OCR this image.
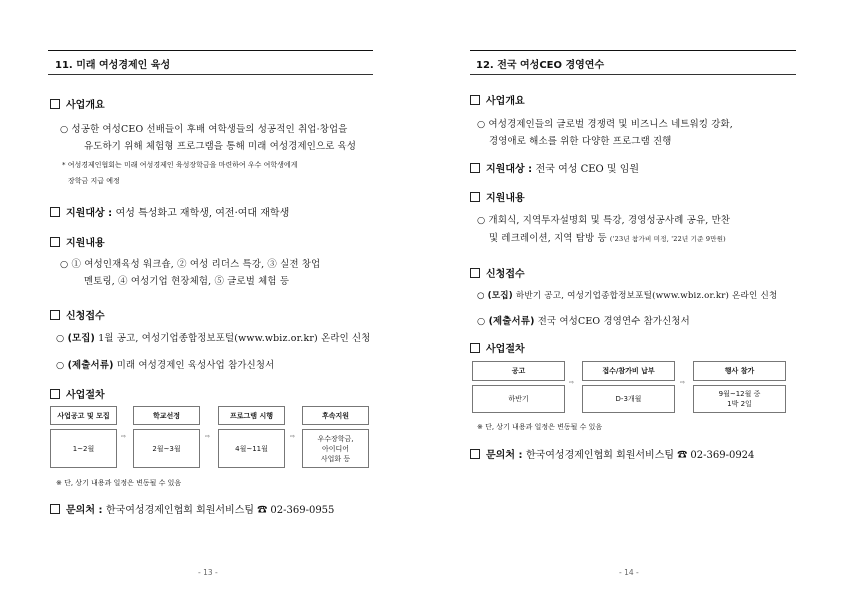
11. 미래 여성경제인 육성
사업개요
○ 성공한 여성CEO 선배들이 후배 여학생들의 성공적인 취업·창업을
유도하기 위해 체험형 프로그램을 통해 미래 여성경제인으로 육성
* 여성경제인협회는 미래 여성경제인 육성장학금을 마련하여 우수 여학생에게
장학금 지급 예정
지원대상 : 여성 특성화고 재학생, 여전·여대 재학생
지원내용
○ ① 여성인재육성 워크숍, ② 여성 리더스 특강, ③ 실전 창업
멘토링, ④ 여성기업 현장체험, ⑤ 글로벌 체험 등
신청접수
○ (모집) 1월 공고, 여성기업종합정보포털(www.wbiz.or.kr) 온라인 신청
○ (제출서류) 미래 여성경제인 육성사업 참가신청서
사업절차
사업공고 및 모집
1~2월
⇨
학교선정
2월~3월
⇨
프로그램 시행
4월~11월
⇨
후속지원
우수장학금,
아이디어
사업화 등
※ 단, 상기 내용과 일정은 변동될 수 있음
문의처 : 한국여성경제인협회 회원서비스팀 ☎ 02-369-0955
- 13 -
12. 전국 여성CEO 경영연수
사업개요
○ 여성경제인들의 글로벌 경쟁력 및 비즈니스 네트워킹 강화,
경영애로 해소를 위한 다양한 프로그램 진행
지원대상 : 전국 여성 CEO 및 임원
지원내용
○ 개회식, 지역투자설명회 및 특강, 경영성공사례 공유, 만찬
및 레크레이션, 지역 탐방 등 ('23년 참가비 미정, '22년 기준 9만원)
신청접수
○ (모집) 하반기 공고, 여성기업종합정보포털(www.wbiz.or.kr) 온라인 신청
○ (제출서류) 전국 여성CEO 경영연수 참가신청서
사업절차
공고
하반기
⇨
접수/참가비 납부
D-3개월
⇨
행사 참가
9월~12월 중
1박 2일
※ 단, 상기 내용과 일정은 변동될 수 있음
문의처 : 한국여성경제인협회 회원서비스팀 ☎ 02-369-0924
- 14 -
